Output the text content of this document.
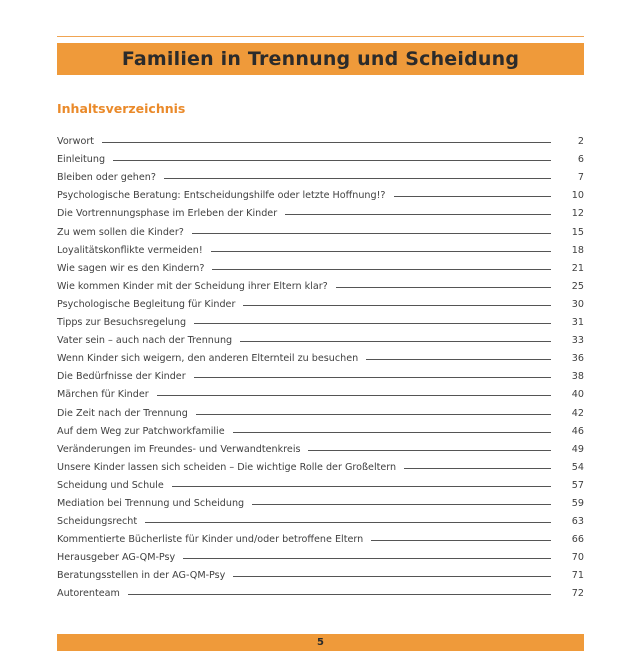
Familien in Trennung und Scheidung
Inhaltsverzeichnis
Vorwort	2
Einleitung	6
Bleiben oder gehen?	7
Psychologische Beratung: Entscheidungshilfe oder letzte Hoffnung!?	10
Die Vortrennungsphase im Erleben der Kinder	12
Zu wem sollen die Kinder?	15
Loyalitätskonflikte vermeiden!	18
Wie sagen wir es den Kindern?	21
Wie kommen Kinder mit der Scheidung ihrer Eltern klar?	25
Psychologische Begleitung für Kinder	30
Tipps zur Besuchsregelung	31
Vater sein – auch nach der Trennung	33
Wenn Kinder sich weigern, den anderen Elternteil zu besuchen	36
Die Bedürfnisse der Kinder	38
Märchen für Kinder	40
Die Zeit nach der Trennung	42
Auf dem Weg zur Patchworkfamilie	46
Veränderungen im Freundes- und Verwandtenkreis	49
Unsere Kinder lassen sich scheiden – Die wichtige Rolle der Großeltern	54
Scheidung und Schule	57
Mediation bei Trennung und Scheidung	59
Scheidungsrecht	63
Kommentierte Bücherliste für Kinder und/oder betroffene Eltern	66
Herausgeber AG-QM-Psy	70
Beratungsstellen in der AG-QM-Psy	71
Autorenteam	72
5
